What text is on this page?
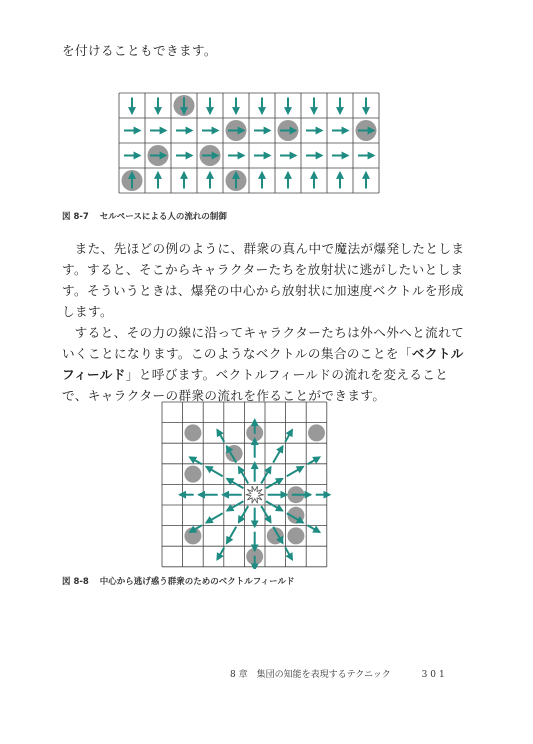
を付けることもできます。

図 8-7 セルペースによる人の流れの制御

また、先ほどの例のように、群衆の真ん中で魔法が爆発したとします。すると、そこからキャラクターたちを放射状に逃がしたいとします。そういうときは、爆発の中心から放射状に加速度ベクトルを形成します。

すると、その力の線に沿ってキャラクターたちは外へ外へと流れていくことになります。このようなベクトルの集合のことを「ベクトルフィールド」と呼びます。ベクトルフィールドの流れを変えることで、キャラクターの群衆の流れを作ることができます。

図 8-8 中心から逃げ惑う群衆のためのベクトルフィールド
8 章　集団の知能を表現するテクニック	301
